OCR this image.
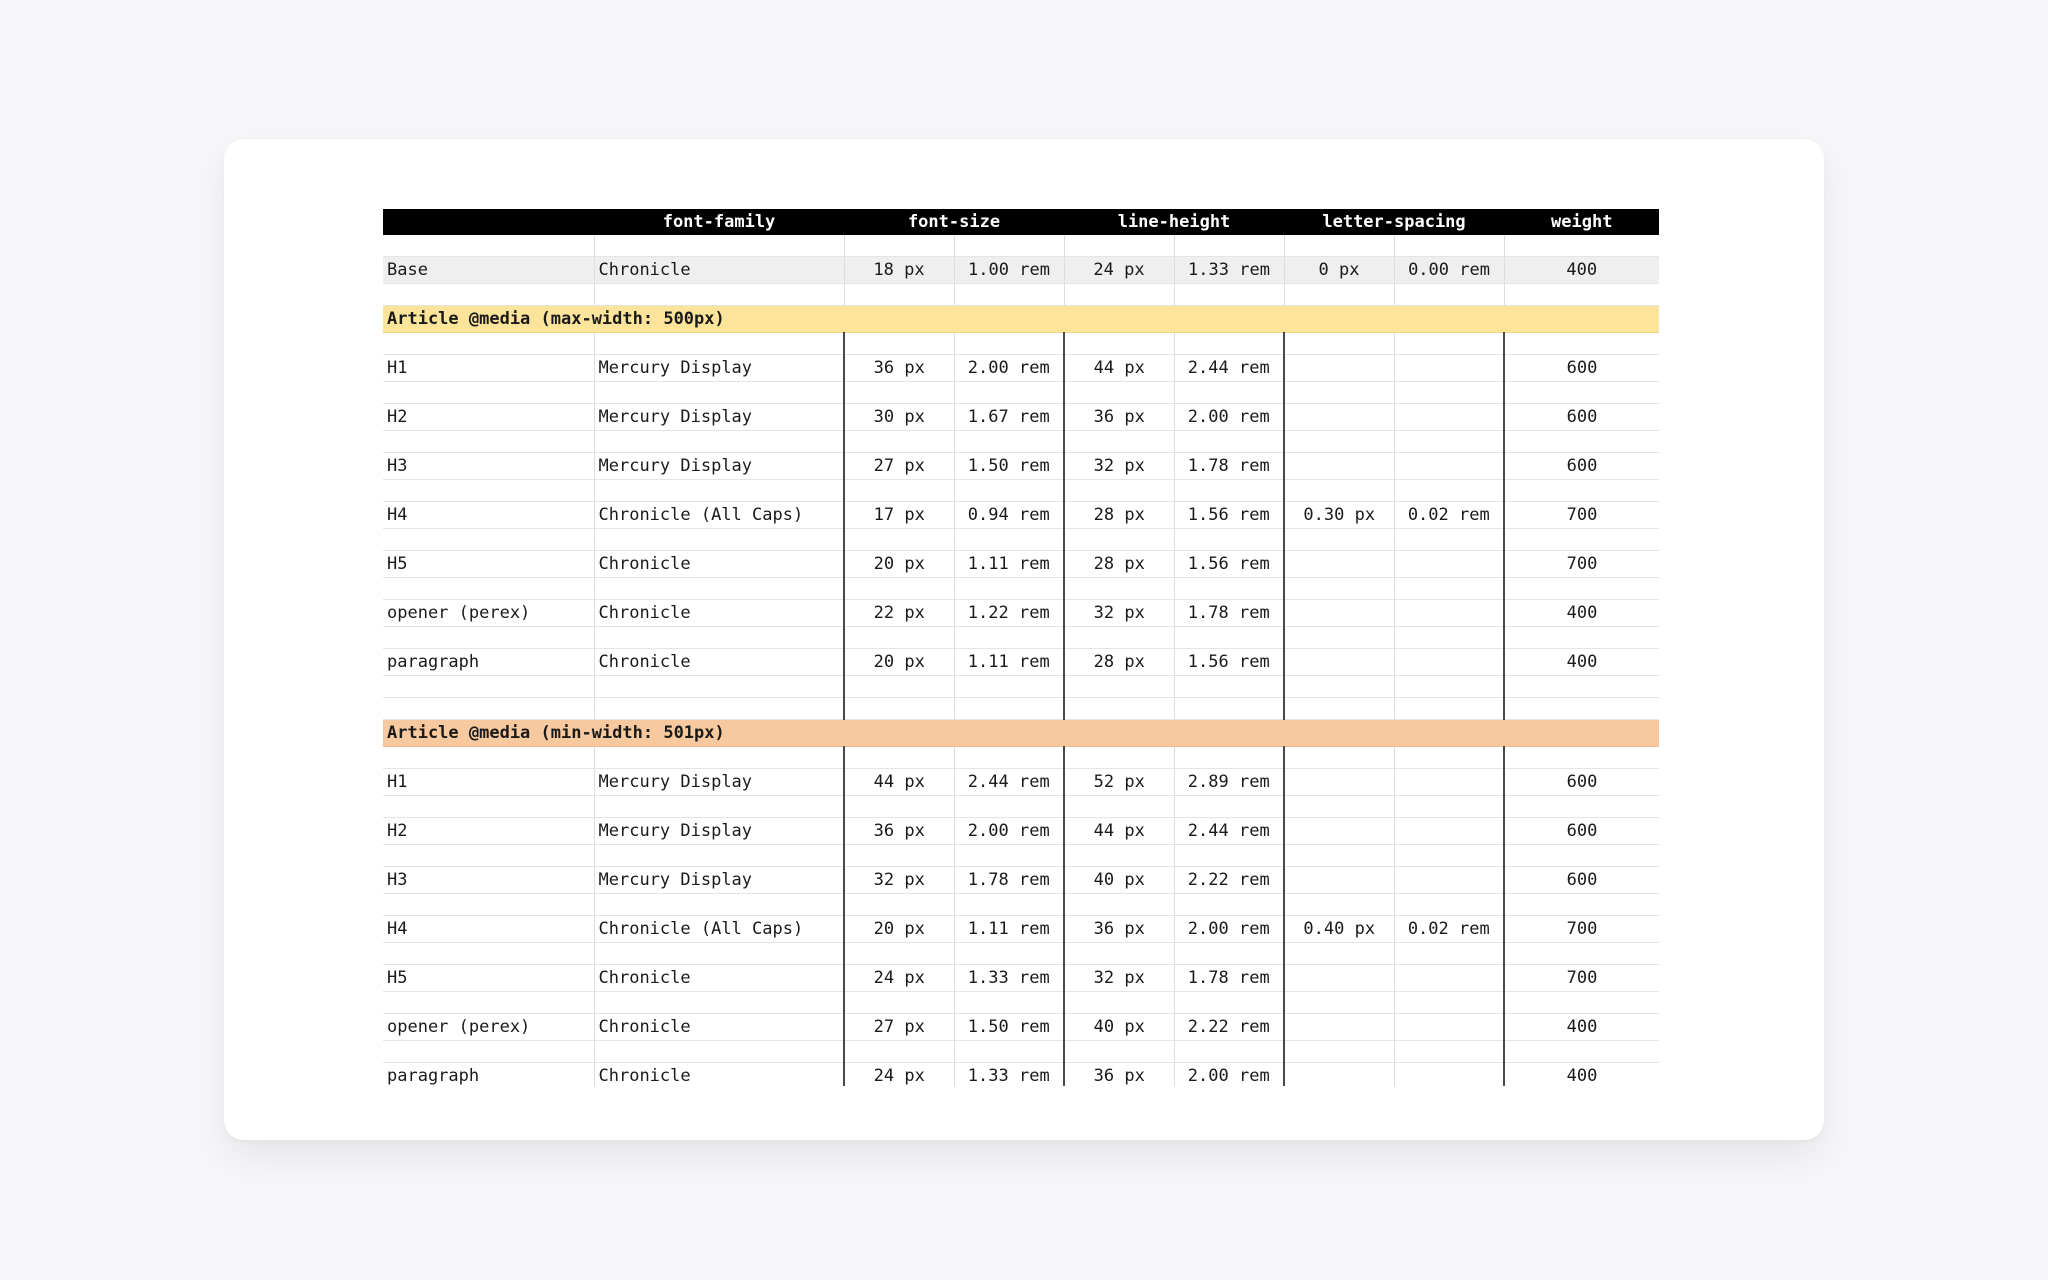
	font-family	font-size		line-height		letter-spacing		weight

Base	Chronicle	18 px	1.00 rem	24 px	1.33 rem	0 px	0.00 rem	400

Article @media (max-width: 500px)								

H1	Mercury Display	36 px	2.00 rem	44 px	2.44 rem			600

H2	Mercury Display	30 px	1.67 rem	36 px	2.00 rem			600

H3	Mercury Display	27 px	1.50 rem	32 px	1.78 rem			600

H4	Chronicle (All Caps)	17 px	0.94 rem	28 px	1.56 rem	0.30 px	0.02 rem	700

H5	Chronicle	20 px	1.11 rem	28 px	1.56 rem			700

opener (perex)	Chronicle	22 px	1.22 rem	32 px	1.78 rem			400

paragraph	Chronicle	20 px	1.11 rem	28 px	1.56 rem			400

Article @media (min-width: 501px)								

H1	Mercury Display	44 px	2.44 rem	52 px	2.89 rem			600

H2	Mercury Display	36 px	2.00 rem	44 px	2.44 rem			600

H3	Mercury Display	32 px	1.78 rem	40 px	2.22 rem			600

H4	Chronicle (All Caps)	20 px	1.11 rem	36 px	2.00 rem	0.40 px	0.02 rem	700

H5	Chronicle	24 px	1.33 rem	32 px	1.78 rem			700

opener (perex)	Chronicle	27 px	1.50 rem	40 px	2.22 rem			400

paragraph	Chronicle	24 px	1.33 rem	36 px	2.00 rem			400
